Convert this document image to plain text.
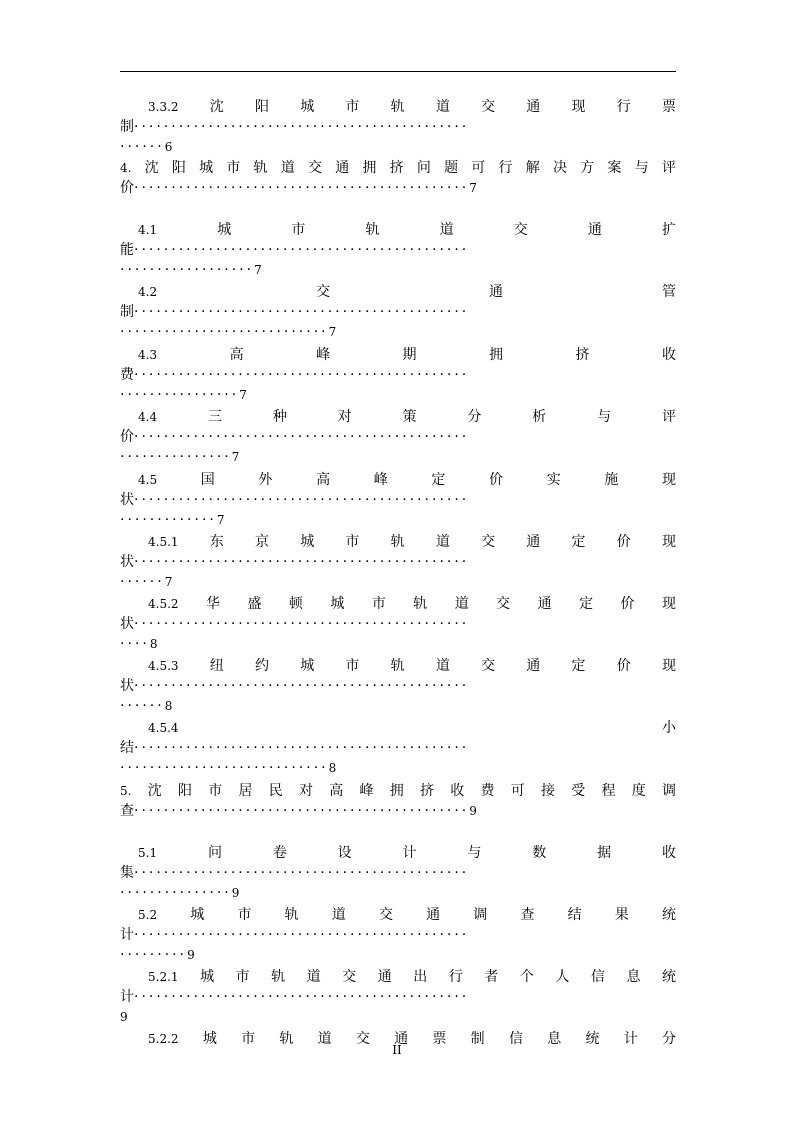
3.3.2 沈 阳 城 市 轨 道 交 通 现 行 票
制·············································
······6
4. 沈 阳 城 市 轨 道 交 通 拥 挤 问 题 可 行 解 决 方 案 与 评
价·············································7
4.1	城	市	轨	道	交	通	扩
能·············································
··················7
4.2	交	通	管
制·············································
····························7
4.3	高	峰	期	拥	挤	收
费·············································
················7
4.4	三	种	对	策	分	析	与	评
价·············································
···············7
4.5	国	外	高	峰	定	价	实	施	现
状·············································
·············7
4.5.1 东 京 城 市 轨 道 交 通 定 价 现
状·············································
······7
4.5.2 华 盛 顿 城 市 轨 道 交 通 定 价 现
状·············································
····8
4.5.3 纽 约 城 市 轨 道 交 通 定 价 现
状·············································
······8
4.5.4	小
结·············································
····························8
5. 沈 阳 市 居 民 对 高 峰 拥 挤 收 费 可 接 受 程 度 调
查·············································9
5.1	问	卷	设	计	与	数	据	收
集·············································
···············9
5.2 城 市 轨 道 交 通 调 查 结 果 统
计·············································
·········9
5.2.1 城 市 轨 道 交 通 出 行 者 个 人 信 息 统
计·············································
9
5.2.2 城 市 轨 道 交 通 票 制 信 息 统 计 分
II
